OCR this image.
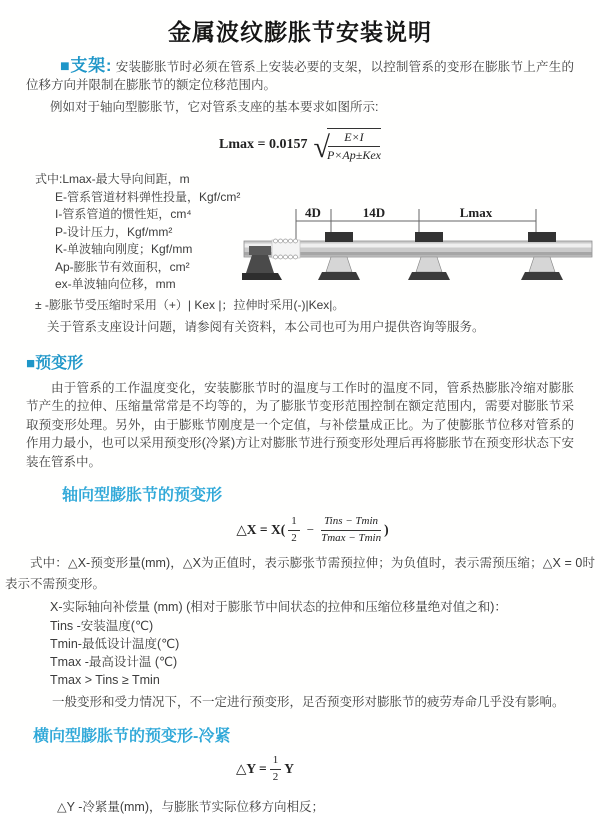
金属波纹膨胀节安装说明

■支架: 安装膨胀节时必须在管系上安装必要的支架，以控制管系的变形在膨胀节上产生的位移方向并限制在膨胀节的额定位移范围内。

例如对于轴向型膨胀节，它对管系支座的基本要求如图所示:

Lmax = 0.0157 √
$\frac{E\times I}{\text{P×Ap±Kex}}$
式中:Lmax-最大导向间距，m
E-管系管道材料弹性投量，Kgf/cm²
I-管系管道的惯性矩，cm⁴
P-设计压力，Kgf/mm²
K-单波轴向刚度；Kgf/mm
Ap-膨胀节有效面积，cm²
ex-单波轴向位移，mm
4D	14D	Lmax
± -膨胀节受压缩时采用（+）| Kex |；拉伸时采用(-)|Kex|。
关于管系支座设计问题，请参阅有关资料，本公司也可为用户提供咨询等服务。
■预变形

由于管系的工作温度变化，安装膨胀节时的温度与工作时的温度不同，管系热膨胀冷缩对膨胀节产生的拉伸、压缩量常常是不均等的，为了膨胀节变形范围控制在额定范围内，需要对膨胀节采取预变形处理。另外，由于膨账节刚度是一个定值，与补偿量成正比。为了使膨胀节位移对管系的作用力最小，也可以采用预变形(冷紧)方让对膨胀节进行预变形处理后再将膨胀节在预变形状态下安装在管系中。

轴向型膨胀节的预变形
△X = $X( \frac{1}{2} - \frac{\text{Tins − Tmin}}{Tmax - Tmin}$ )

式中：△X-预变形量(mm)，△X为正值时，表示膨张节需预拉伸；为负值时，表示需预压缩；△X = 0时表示不需预变形。

X-实际轴向补偿量 (mm) (相对于膨胀节中间状态的拉伸和压缩位移量绝对值之和)：
Tins -安装温度(℃)
Tmin-最低设计温度(℃)
Tmax -最高设计温 (℃)
Tmax > Tins ≥ Tmin
一般变形和受力情况下，不一定进行预变形，足否预变形对膨胀节的疲劳寿命几乎没有影响。
横向型膨胀节的预变形-冷紧
△Y = $\frac{1}{2}$ Y
△Y -冷紧量(mm)，与膨胀节实际位移方向相反；
